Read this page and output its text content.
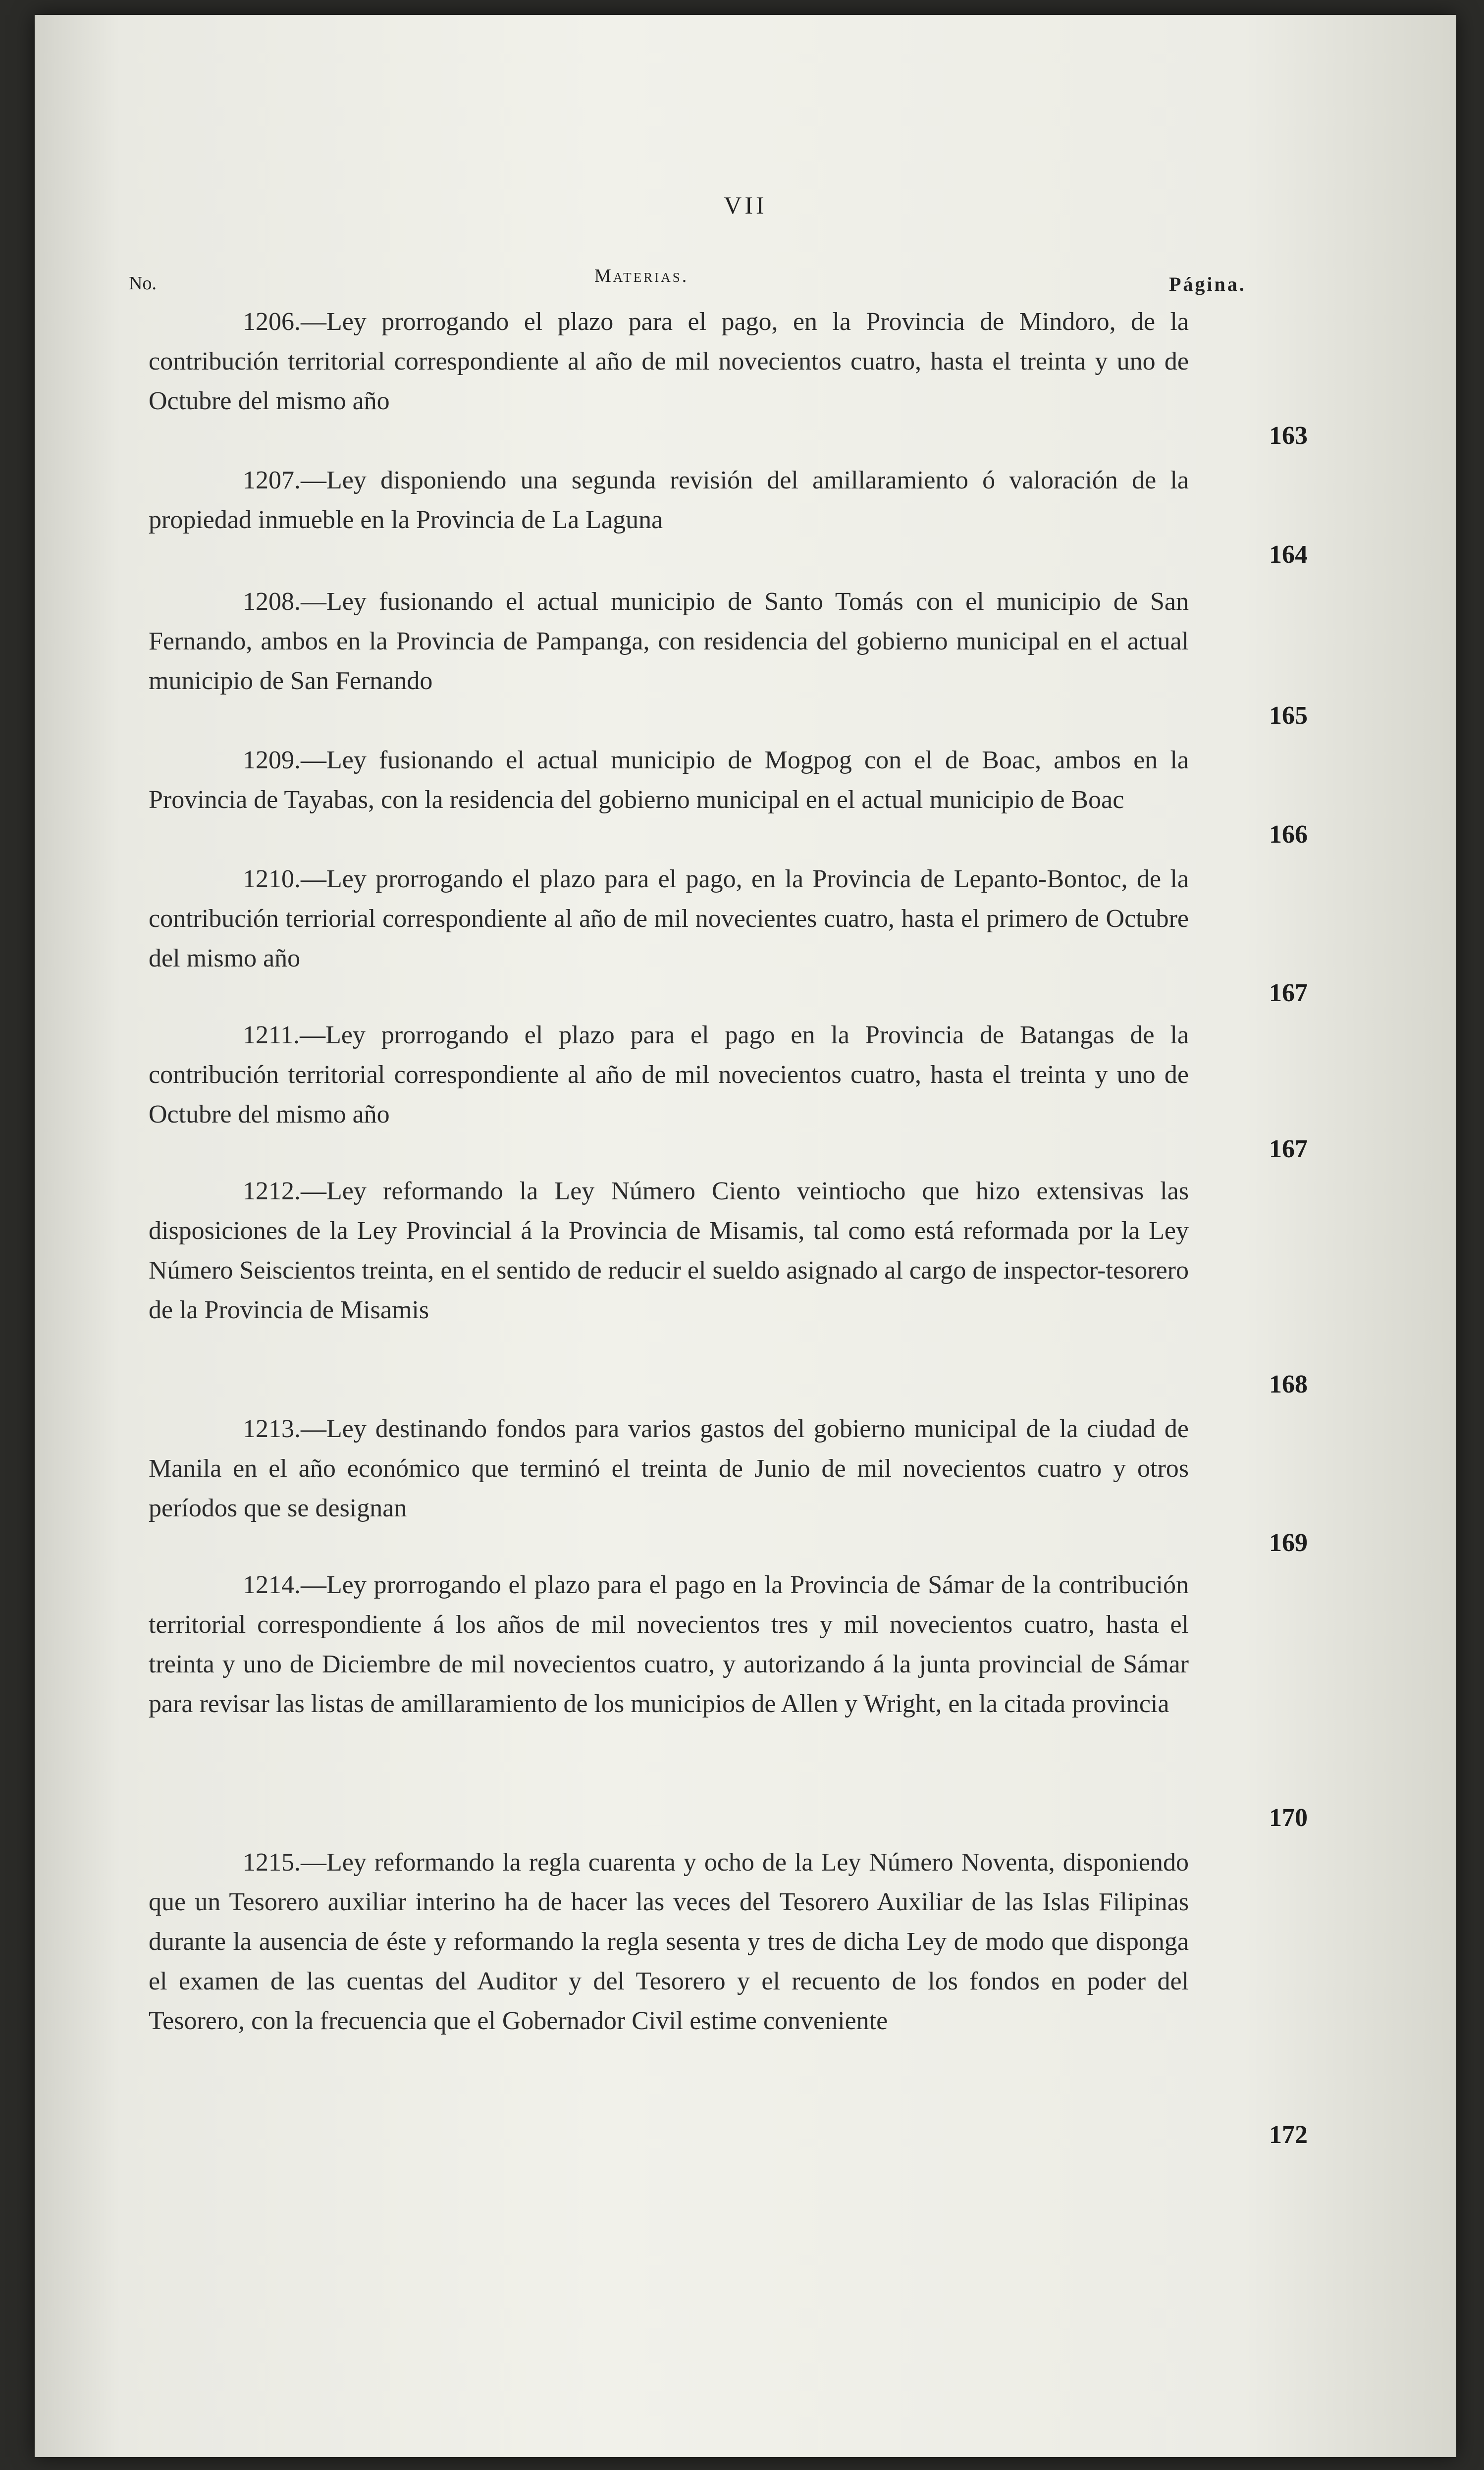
VII
No.	Materias.	Página.
1206.—Ley prorrogando el plazo para el pago, en la Provincia de Mindoro, de la contribución territorial correspondiente al año de mil novecientos cuatro, hasta el treinta y uno de Octubre del mismo año
163
1207.—Ley disponiendo una segunda revisión del amillaramiento ó valoración de la propiedad inmueble en la Provincia de La Laguna
164
1208.—Ley fusionando el actual municipio de Santo Tomás con el municipio de San Fernando, ambos en la Provincia de Pampanga, con residencia del gobierno municipal en el actual municipio de San Fernando
165
1209.—Ley fusionando el actual municipio de Mogpog con el de Boac, ambos en la Provincia de Tayabas, con la residencia del gobierno municipal en el actual municipio de Boac
166
1210.—Ley prorrogando el plazo para el pago, en la Provincia de Lepanto-Bontoc, de la contribución terriorial correspondiente al año de mil novecientes cuatro, hasta el primero de Octubre del mismo año
167
1211.—Ley prorrogando el plazo para el pago en la Provincia de Batangas de la contribución territorial correspondiente al año de mil novecientos cuatro, hasta el treinta y uno de Octubre del mismo año
167
1212.—Ley reformando la Ley Número Ciento veintiocho que hizo extensivas las disposiciones de la Ley Provincial á la Provincia de Misamis, tal como está reformada por la Ley Número Seiscientos treinta, en el sentido de reducir el sueldo asignado al cargo de inspector-tesorero de la Provincia de Misamis
168
1213.—Ley destinando fondos para varios gastos del gobierno municipal de la ciudad de Manila en el año económico que terminó el treinta de Junio de mil novecientos cuatro y otros períodos que se designan
169
1214.—Ley prorrogando el plazo para el pago en la Provincia de Sámar de la contribución territorial correspondiente á los años de mil novecientos tres y mil novecientos cuatro, hasta el treinta y uno de Diciembre de mil novecientos cuatro, y autorizando á la junta provincial de Sámar para revisar las listas de amillaramiento de los municipios de Allen y Wright, en la citada provincia
170
1215.—Ley reformando la regla cuarenta y ocho de la Ley Número Noventa, disponiendo que un Tesorero auxiliar interino ha de hacer las veces del Tesorero Auxiliar de las Islas Filipinas durante la ausencia de éste y reformando la regla sesenta y tres de dicha Ley de modo que disponga el examen de las cuentas del Auditor y del Tesorero y el recuento de los fondos en poder del Tesorero, con la frecuencia que el Gobernador Civil estime conveniente
172
